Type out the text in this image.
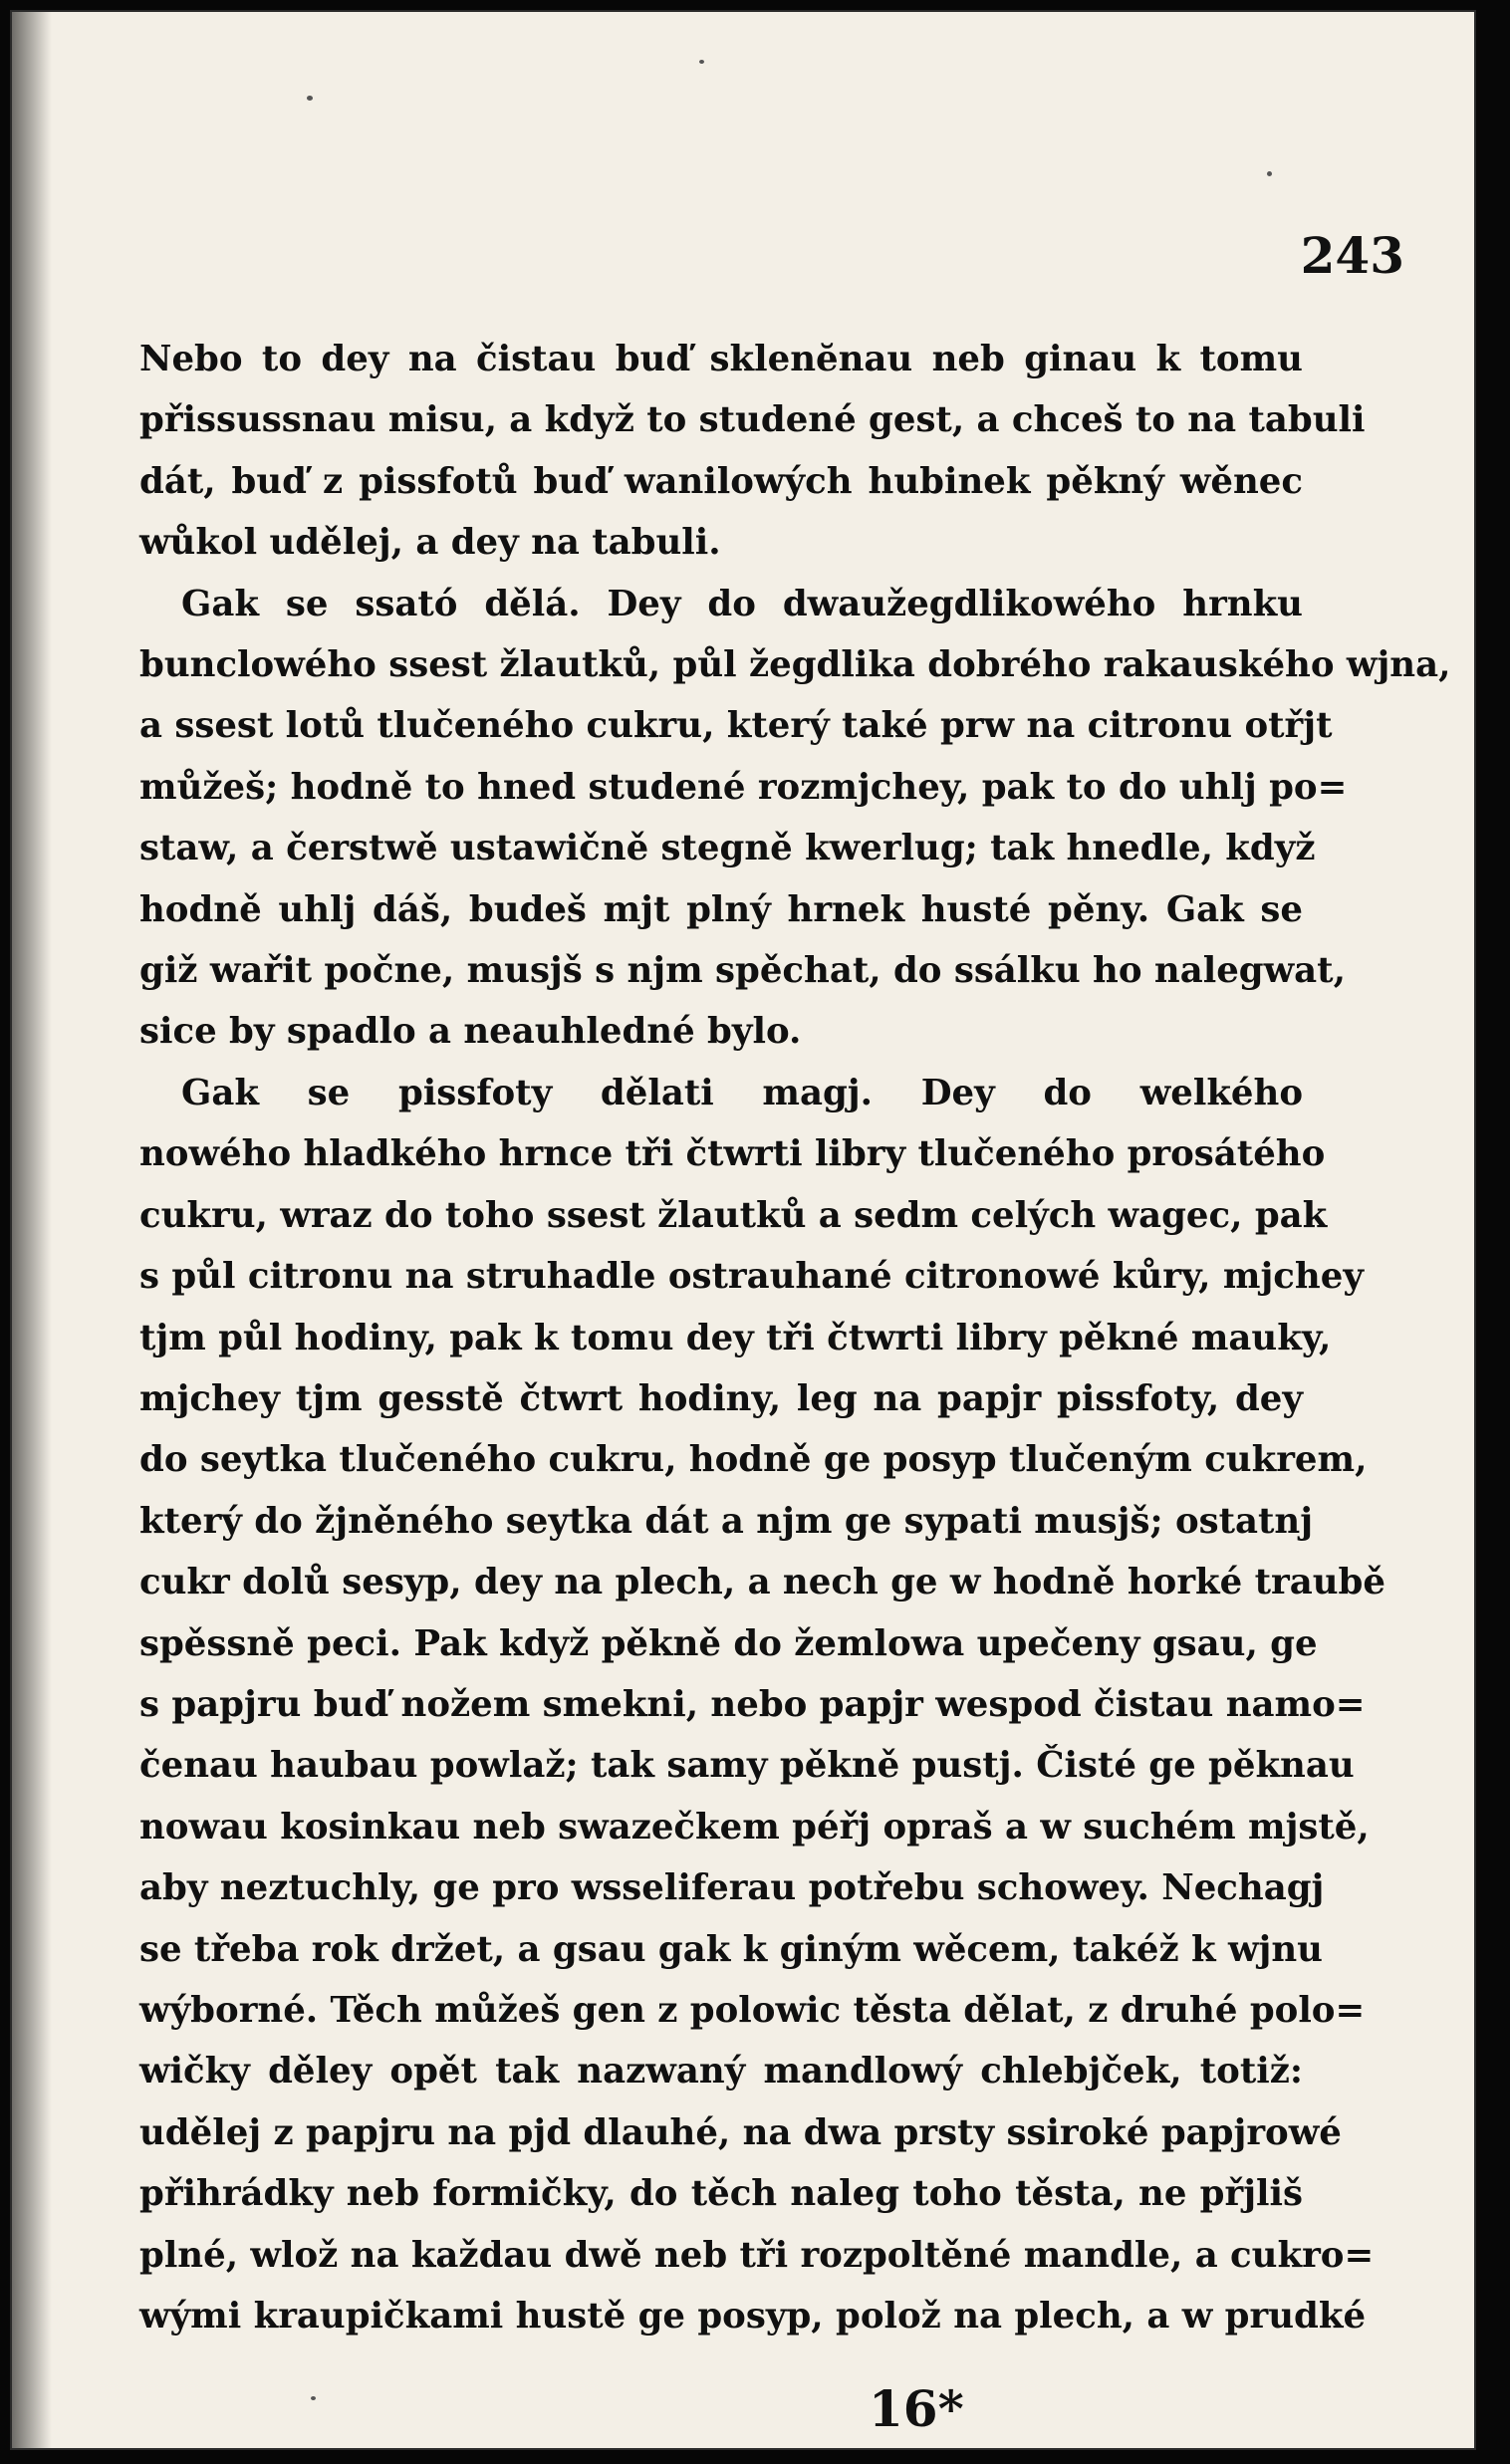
243
Nebo to dey na čistau buď sklenĕnau neb ginau k tomu
přissussnau misu, a když to studené gest, a chceš to na tabuli
dát, buď z pissfotů buď wanilowých hubinek pěkný wěnec
wůkol udělej, a dey na tabuli.
Gak se ssató dělá. Dey do dwaužegdlikowého hrnku
bunclowého ssest žlautků, půl žegdlika dobrého rakauského wjna,
a ssest lotů tlučeného cukru, který také prw na citronu otřjt
můžeš; hodně to hned studené rozmjchey, pak to do uhlj po=
staw, a čerstwě ustawičně stegně kwerlug; tak hnedle, když
hodně uhlj dáš, budeš mjt plný hrnek husté pěny. Gak se
giž wařit počne, musjš s njm spěchat, do ssálku ho nalegwat,
sice by spadlo a neauhledné bylo.
Gak se pissfoty dělati magj. Dey do welkého
nowého hladkého hrnce tři čtwrti libry tlučeného prosátého
cukru, wraz do toho ssest žlautků a sedm celých wagec, pak
s půl citronu na struhadle ostrauhané citronowé kůry, mjchey
tjm půl hodiny, pak k tomu dey tři čtwrti libry pěkné mauky,
mjchey tjm gesstě čtwrt hodiny, leg na papjr pissfoty, dey
do seytka tlučeného cukru, hodně ge posyp tlučeným cukrem,
který do žjněného seytka dát a njm ge sypati musjš; ostatnj
cukr dolů sesyp, dey na plech, a nech ge w hodně horké traubě
spěssně peci. Pak když pěkně do žemlowa upečeny gsau, ge
s papjru buď nožem smekni, nebo papjr wespod čistau namo=
čenau haubau powlaž; tak samy pěkně pustj. Čisté ge pěknau
nowau kosinkau neb swazečkem péřj opraš a w suchém mjstě,
aby neztuchly, ge pro wsseliferau potřebu schowey. Nechagj
se třeba rok držet, a gsau gak k giným wěcem, takéž k wjnu
wýborné. Těch můžeš gen z polowic těsta dělat, z druhé polo=
wičky děley opět tak nazwaný mandlowý chlebjček, totiž:
udělej z papjru na pjd dlauhé, na dwa prsty ssiroké papjrowé
přihrádky neb formičky, do těch naleg toho těsta, ne přjliš
plné, wlož na každau dwě neb tři rozpoltěné mandle, a cukro=
wými kraupičkami hustě ge posyp, polož na plech, a w prudké
16*
